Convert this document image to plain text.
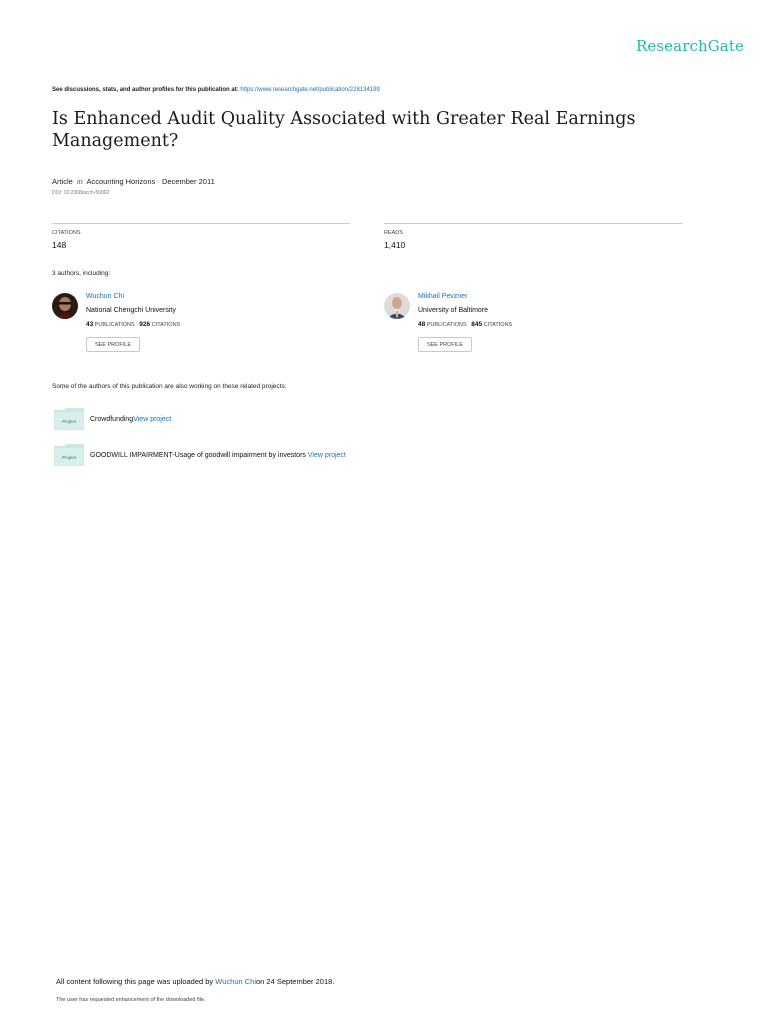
ResearchGate
See discussions, stats, and author profiles for this publication at: https://www.researchgate.net/publication/228134199
Is Enhanced Audit Quality Associated with Greater Real Earnings Management?
Article in Accounting Horizons · December 2011
DOI: 10.2308/acch-50002
CITATIONS
148
READS
1,410
3 authors, including:
Wuchun Chi
National Chengchi University
43 PUBLICATIONS 926 CITATIONS
SEE PROFILE
Mikhail Pevzner
University of Baltimore
48 PUBLICATIONS 845 CITATIONS
SEE PROFILE
Some of the authors of this publication are also working on these related projects:
Project CrowdfundingView project
Project GOODWILL IMPAIRMENT-Usage of goodwill impairment by investors View project
All content following this page was uploaded by Wuchun Chion 24 September 2018.
The user has requested enhancement of the downloaded file.
